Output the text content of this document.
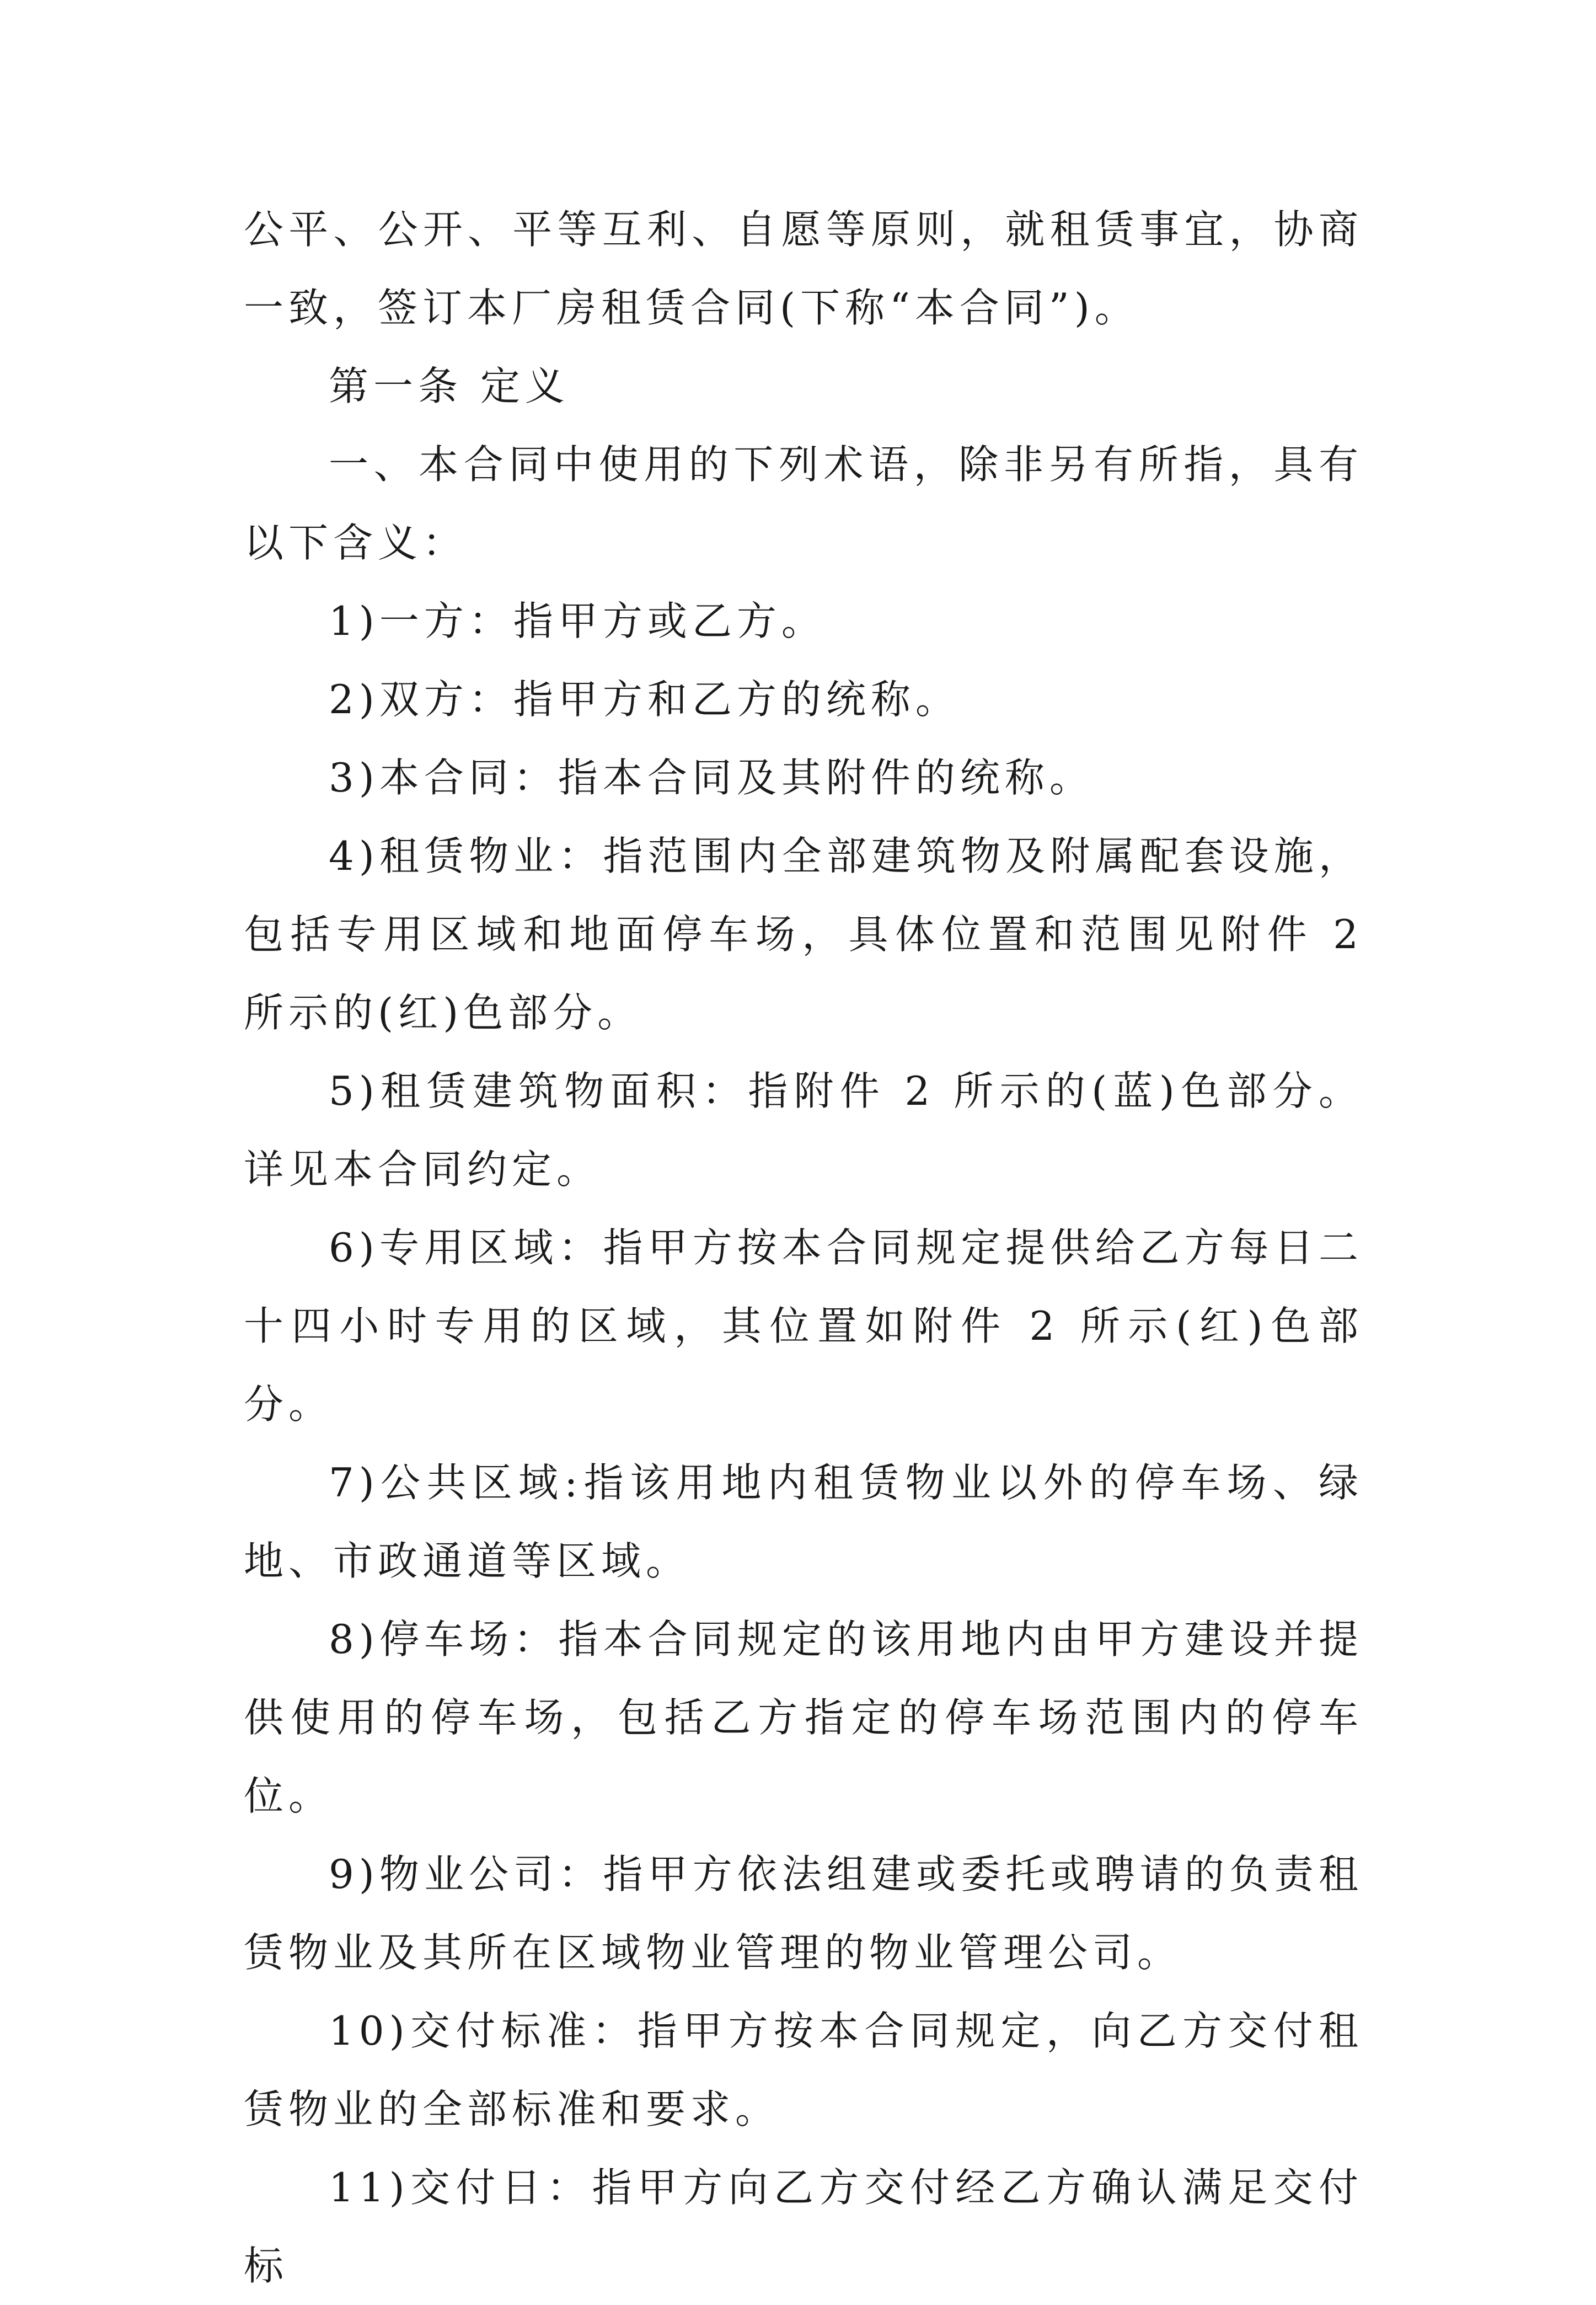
公平、公开、平等互利、自愿等原则，就租赁事宜，协商一致，签订本厂房租赁合同(下称“本合同”)。

第一条 定义

一、本合同中使用的下列术语，除非另有所指，具有以下含义：

1)一方：指甲方或乙方。

2)双方：指甲方和乙方的统称。

3)本合同：指本合同及其附件的统称。

4)租赁物业：指范围内全部建筑物及附属配套设施，包括专用区域和地面停车场，具体位置和范围见附件 2 所示的(红)色部分。

5)租赁建筑物面积：指附件 2 所示的(蓝)色部分。详见本合同约定。

6)专用区域：指甲方按本合同规定提供给乙方每日二十四小时专用的区域，其位置如附件 2 所示(红)色部分。

7)公共区域:指该用地内租赁物业以外的停车场、绿地、市政通道等区域。

8)停车场：指本合同规定的该用地内由甲方建设并提供使用的停车场，包括乙方指定的停车场范围内的停车位。

9)物业公司：指甲方依法组建或委托或聘请的负责租赁物业及其所在区域物业管理的物业管理公司。

10)交付标准：指甲方按本合同规定，向乙方交付租赁物业的全部标准和要求。

11)交付日：指甲方向乙方交付经乙方确认满足交付标
